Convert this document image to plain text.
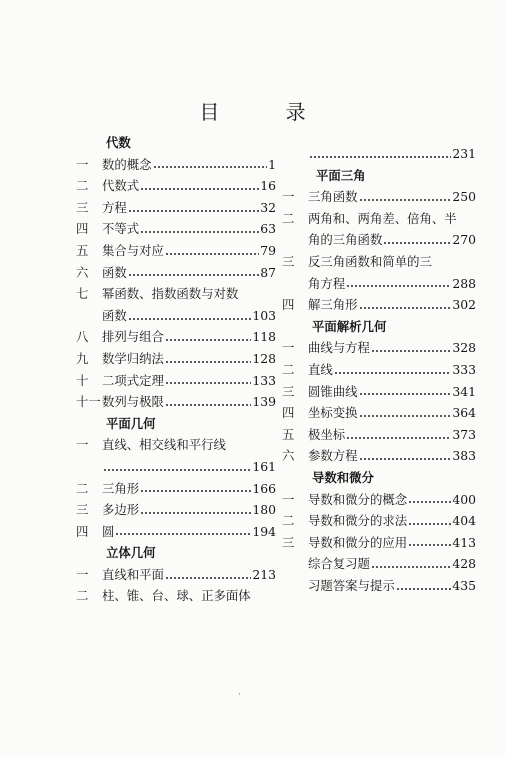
目 录
代数
一	数的概念	1
二	代数式	16
三	方程	32
四	不等式	63
五	集合与对应	79
六	函数	87
七	幂函数、指数函数与对数
函数	103
八	排列与组合	118
九	数学归纳法	128
十	二项式定理	133
十一 数列与极限	139
平面几何
一	直线、相交线和平行线
161
二	三角形	166
三	多边形	180
四	圆	194
立体几何
一	直线和平面	213
二	柱、锥、台、球、正多面体
231
平面三角
一	三角函数	250
二	两角和、两角差、倍角、半
角的三角函数	270
三	反三角函数和简单的三
角方程	288
四	解三角形	302
平面解析几何
一	曲线与方程	328
二	直线	333
三	圆锥曲线	341
四	坐标变换	364
五	极坐标	373
六	参数方程	383
导数和微分
一	导数和微分的概念	400
二	导数和微分的求法	404
三	导数和微分的应用	413
综合复习题	428
习题答案与提示	435
·
